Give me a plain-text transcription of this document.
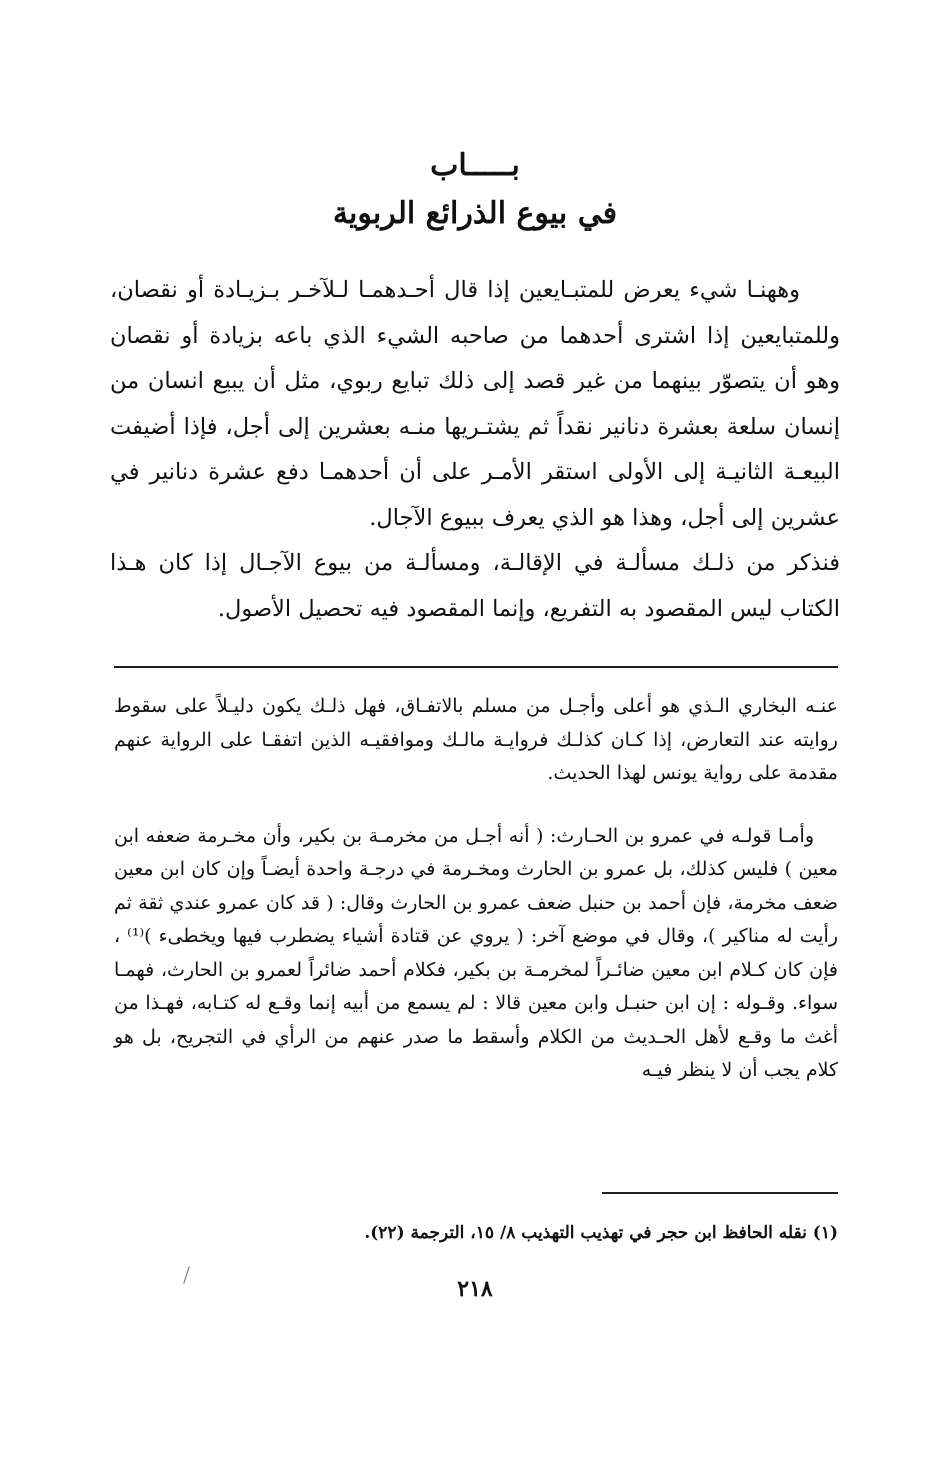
بـــــاب
في بيوع الذرائع الربوية

وههنـا شيء يعرض للمتبـايعين إذا قال أحـدهمـا لـلآخـر بـزيـادة أو نقصان، وللمتبايعين إذا اشترى أحدهما من صاحبه الشيء الذي باعه بزيادة أو نقصان وهو أن يتصوّر بينهما من غير قصد إلى ذلك تبايع ربوي، مثل أن يبيع انسان من إنسان سلعة بعشرة دنانير نقداً ثم يشتـريها منـه بعشرين إلى أجل، فإذا أضيفت البيعـة الثانيـة إلى الأولى استقر الأمـر على أن أحدهمـا دفع عشرة دنانير في عشرين إلى أجل، وهذا هو الذي يعرف ببيوع الآجال.

فنذكر من ذلـك مسألـة في الإقالـة، ومسألـة من بيوع الآجـال إذا كان هـذا الكتاب ليس المقصود به التفريع، وإنما المقصود فيه تحصيل الأصول.

عنـه البخاري الـذي هو أعلى وأجـل من مسلم بالاتفـاق، فهل ذلـك يكون دليـلاً على سقوط روايته عند التعارض، إذا كـان كذلـك فروايـة مالـك وموافقيـه الذين اتفقـا على الرواية عنهم مقدمة على رواية يونس لهذا الحديث.

وأمـا قولـه في عمرو بن الحـارث: ( أنه أجـل من مخرمـة بن بكير، وأن مخـرمة ضعفه ابن معين ) فليس كذلك، بل عمرو بن الحارث ومخـرمة في درجـة واحدة أيضـاً وإن كان ابن معين ضعف مخرمة، فإن أحمد بن حنبل ضعف عمرو بن الحارث وقال: ( قد كان عمرو عندي ثقة ثم رأيت له مناكير )، وقال في موضع آخر: ( يروي عن قتادة أشياء يضطرب فيها ويخطىء )⁽¹⁾ ، فإن كان كـلام ابن معين ضائـراً لمخرمـة بن بكير، فكلام أحمد ضائراً لعمرو بن الحارث، فهمـا سواء. وقـوله : إن ابن حنبـل وابن معين قالا : لم يسمع من أبيه إنما وقـع له كتـابه، فهـذا من أغث ما وقـع لأهل الحـديث من الكلام وأسقط ما صدر عنهم من الرأي في التجريح، بل هو كلام يجب أن لا ينظر فيـه

(١) نقله الحافظ ابن حجر في تهذيب التهذيب ٨/ ١٥، الترجمة (٢٢).
٢١٨
